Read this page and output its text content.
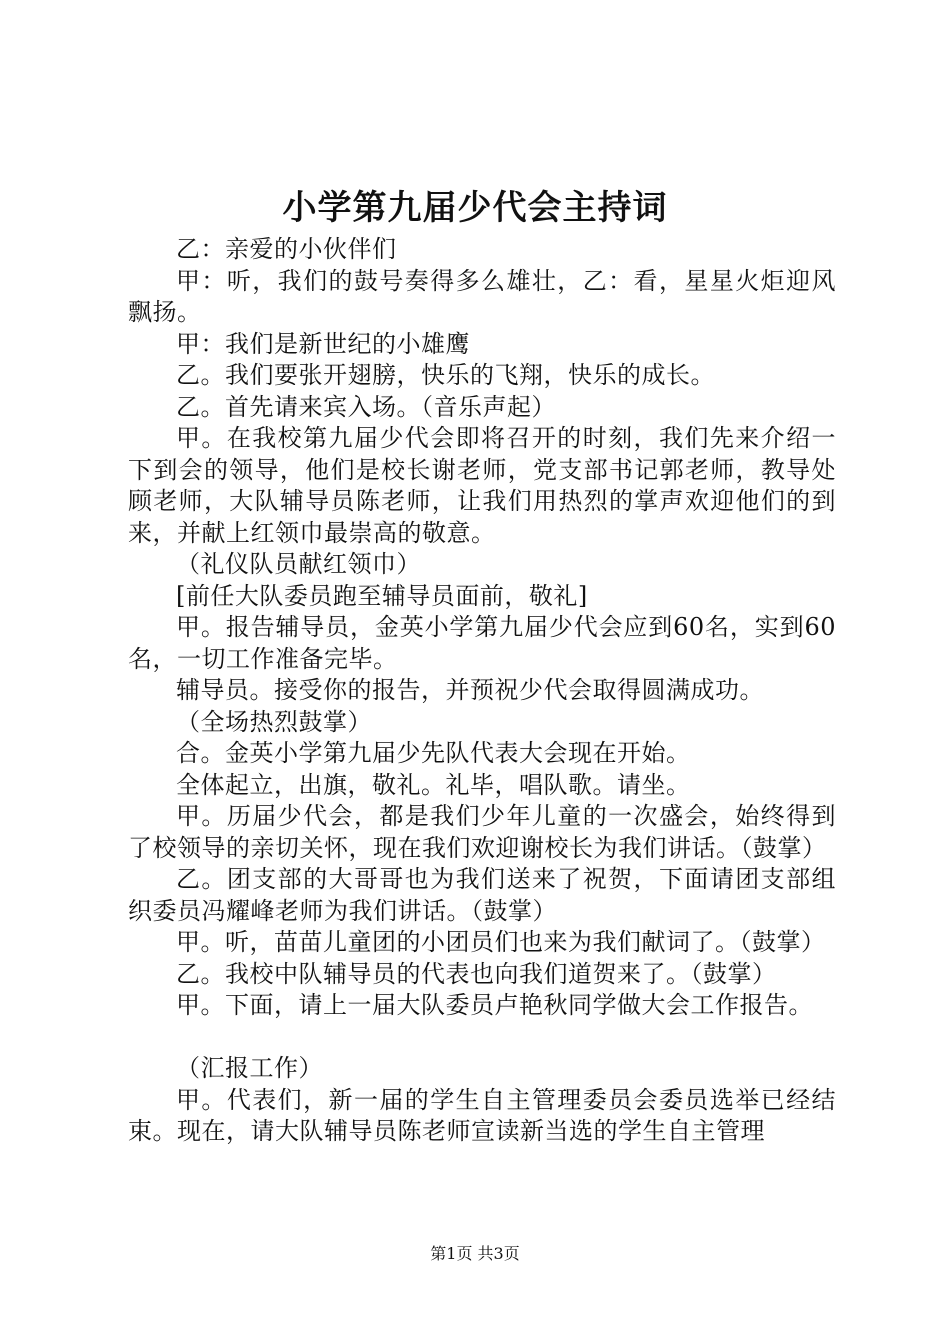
小学第九届少代会主持词

乙：亲爱的小伙伴们

甲：听，我们的鼓号奏得多么雄壮，乙：看，星星火炬迎风飘扬。

甲：我们是新世纪的小雄鹰

乙。我们要张开翅膀，快乐的飞翔，快乐的成长。

乙。首先请来宾入场。（音乐声起）

甲。在我校第九届少代会即将召开的时刻，我们先来介绍一下到会的领导，他们是校长谢老师，党支部书记郭老师，教导处顾老师，大队辅导员陈老师，让我们用热烈的掌声欢迎他们的到来，并献上红领巾最崇高的敬意。

（礼仪队员献红领巾）

[前任大队委员跑至辅导员面前，敬礼]

甲。报告辅导员，金英小学第九届少代会应到60名，实到60名，一切工作准备完毕。

辅导员。接受你的报告，并预祝少代会取得圆满成功。

（全场热烈鼓掌）

合。金英小学第九届少先队代表大会现在开始。

全体起立，出旗，敬礼。礼毕，唱队歌。请坐。

甲。历届少代会，都是我们少年儿童的一次盛会，始终得到了校领导的亲切关怀，现在我们欢迎谢校长为我们讲话。（鼓掌）

乙。团支部的大哥哥也为我们送来了祝贺，下面请团支部组织委员冯耀峰老师为我们讲话。（鼓掌）

甲。听，苗苗儿童团的小团员们也来为我们献词了。（鼓掌）

乙。我校中队辅导员的代表也向我们道贺来了。（鼓掌）

甲。下面，请上一届大队委员卢艳秋同学做大会工作报告。

（汇报工作）

甲。代表们，新一届的学生自主管理委员会委员选举已经结束。现在，请大队辅导员陈老师宣读新当选的学生自主管理

第1页 共3页
